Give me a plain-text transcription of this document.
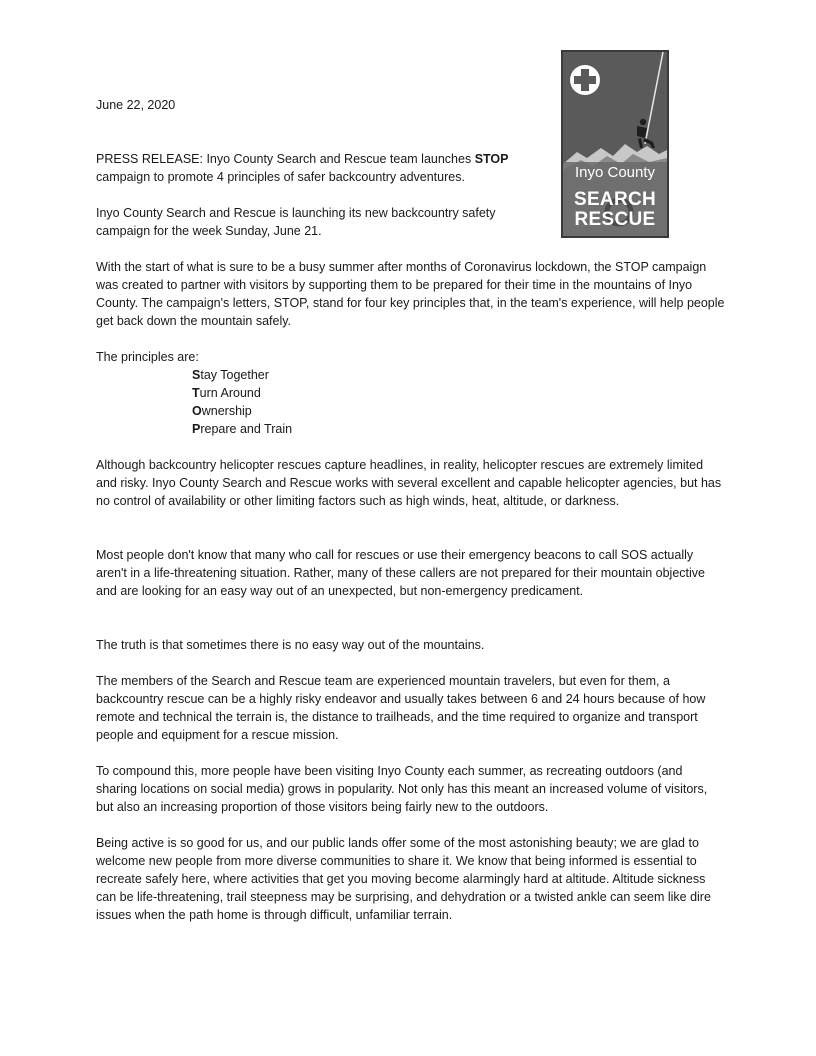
Inyo County
SEARCH
RESCUE
June 22, 2020

PRESS RELEASE: Inyo County Search and Rescue team launches STOP campaign to promote 4 principles of safer backcountry adventures.

Inyo County Search and Rescue is launching its new backcountry safety campaign for the week Sunday, June 21.

With the start of what is sure to be a busy summer after months of Coronavirus lockdown, the STOP campaign was created to partner with visitors by supporting them to be prepared for their time in the mountains of Inyo County. The campaign's letters, STOP, stand for four key principles that, in the team's experience, will help people get back down the mountain safely.

The principles are:

Stay Together
Turn Around
Ownership
Prepare and Train

Although backcountry helicopter rescues capture headlines, in reality, helicopter rescues are extremely limited and risky. Inyo County Search and Rescue works with several excellent and capable helicopter agencies, but has no control of availability or other limiting factors such as high winds, heat, altitude, or darkness.

Most people don't know that many who call for rescues or use their emergency beacons to call SOS actually aren't in a life-threatening situation. Rather, many of these callers are not prepared for their mountain objective and are looking for an easy way out of an unexpected, but non-emergency predicament.

The truth is that sometimes there is no easy way out of the mountains.

The members of the Search and Rescue team are experienced mountain travelers, but even for them, a backcountry rescue can be a highly risky endeavor and usually takes between 6 and 24 hours because of how remote and technical the terrain is, the distance to trailheads, and the time required to organize and transport people and equipment for a rescue mission.

To compound this, more people have been visiting Inyo County each summer, as recreating outdoors (and sharing locations on social media) grows in popularity. Not only has this meant an increased volume of visitors, but also an increasing proportion of those visitors being fairly new to the outdoors.

Being active is so good for us, and our public lands offer some of the most astonishing beauty; we are glad to welcome new people from more diverse communities to share it. We know that being informed is essential to recreate safely here, where activities that get you moving become alarmingly hard at altitude. Altitude sickness can be life-threatening, trail steepness may be surprising, and dehydration or a twisted ankle can seem like dire issues when the path home is through difficult, unfamiliar terrain.
